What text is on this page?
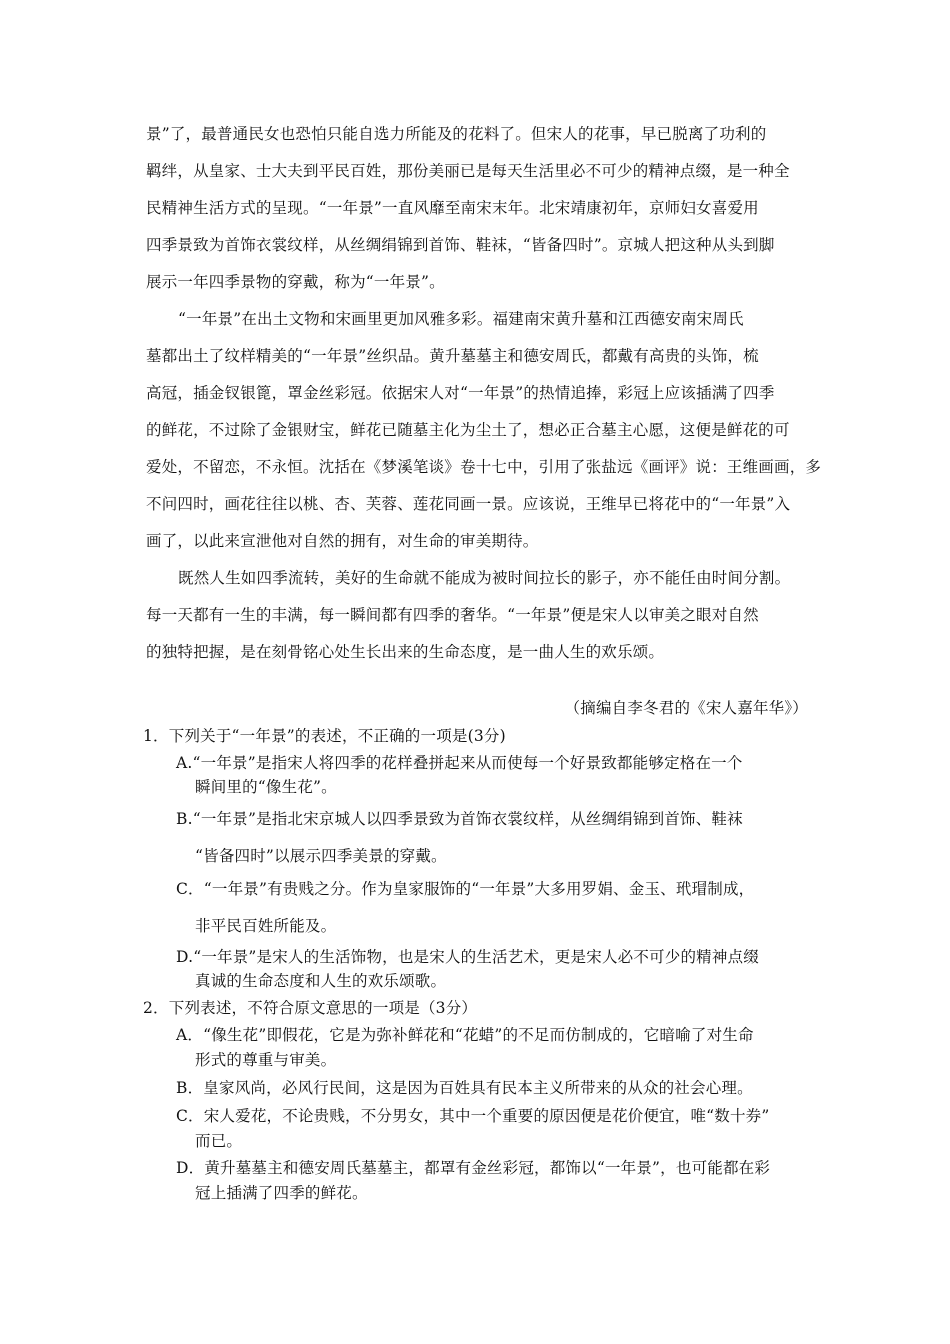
景”了，最普通民女也恐怕只能自选力所能及的花料了。但宋人的花事，早已脱离了功利的
羁绊，从皇家、士大夫到平民百姓，那份美丽已是每天生活里必不可少的精神点缀，是一种全
民精神生活方式的呈现。“一年景”一直风靡至南宋末年。北宋靖康初年，京师妇女喜爱用
四季景致为首饰衣裳纹样，从丝绸绢锦到首饰、鞋袜，“皆备四时”。京城人把这种从头到脚
展示一年四季景物的穿戴，称为“一年景”。
“一年景”在出土文物和宋画里更加风雅多彩。福建南宋黄升墓和江西德安南宋周氏
墓都出土了纹样精美的“一年景”丝织品。黄升墓墓主和德安周氏，都戴有高贵的头饰，梳
高冠，插金钗银篦，罩金丝彩冠。依据宋人对“一年景”的热情追捧，彩冠上应该插满了四季
的鲜花，不过除了金银财宝，鲜花已随墓主化为尘土了，想必正合墓主心愿，这便是鲜花的可
爱处，不留恋，不永恒。沈括在《梦溪笔谈》卷十七中，引用了张盐远《画评》说：王维画画，多
不问四时，画花往往以桃、杏、芙蓉、莲花同画一景。应该说，王维早已将花中的“一年景”入
画了，以此来宣泄他对自然的拥有，对生命的审美期待。
既然人生如四季流转，美好的生命就不能成为被时间拉长的影子，亦不能任由时间分割。
每一天都有一生的丰满，每一瞬间都有四季的奢华。“一年景”便是宋人以审美之眼对自然
的独特把握，是在刻骨铭心处生长出来的生命态度，是一曲人生的欢乐颂。
（摘编自李冬君的《宋人嘉年华》）
1．下列关于“一年景”的表述，不正确的一项是(3分)
A.“一年景”是指宋人将四季的花样叠拼起来从而使每一个好景致都能够定格在一个
瞬间里的“像生花”。
B.“一年景”是指北宋京城人以四季景致为首饰衣裳纹样，从丝绸绢锦到首饰、鞋袜
“皆备四时”以展示四季美景的穿戴。
C．“一年景”有贵贱之分。作为皇家服饰的“一年景”大多用罗娟、金玉、玳瑁制成，
非平民百姓所能及。
D.“一年景”是宋人的生活饰物，也是宋人的生活艺术，更是宋人必不可少的精神点缀
真诚的生命态度和人生的欢乐颂歌。
2．下列表述，不符合原文意思的一项是（3分）
A．“像生花”即假花，它是为弥补鲜花和“花蜡”的不足而仿制成的，它暗喻了对生命
形式的尊重与审美。
B．皇家风尚，必风行民间，这是因为百姓具有民本主义所带来的从众的社会心理。
C．宋人爱花，不论贵贱，不分男女，其中一个重要的原因便是花价便宜，唯“数十券”
而已。
D．黄升墓墓主和德安周氏墓墓主，都罩有金丝彩冠，都饰以“一年景”，也可能都在彩
冠上插满了四季的鲜花。
